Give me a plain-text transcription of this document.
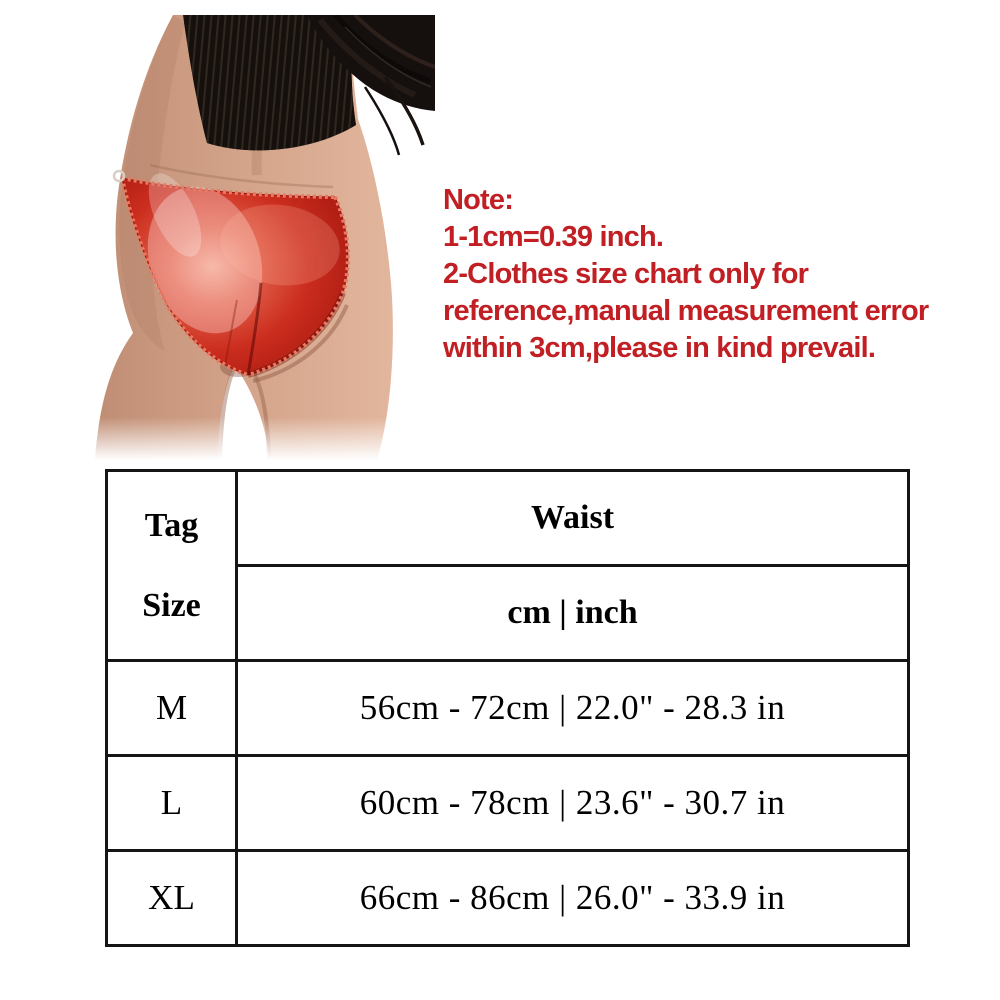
Note:
1-1cm=0.39 inch.
2-Clothes size chart only for
reference,manual measurement error
within 3cm,please in kind prevail.
Tag
Size	Waist
	cm | inch
M	56cm - 72cm | 22.0" - 28.3 in
L	60cm - 78cm | 23.6" - 30.7 in
XL	66cm - 86cm | 26.0" - 33.9 in
